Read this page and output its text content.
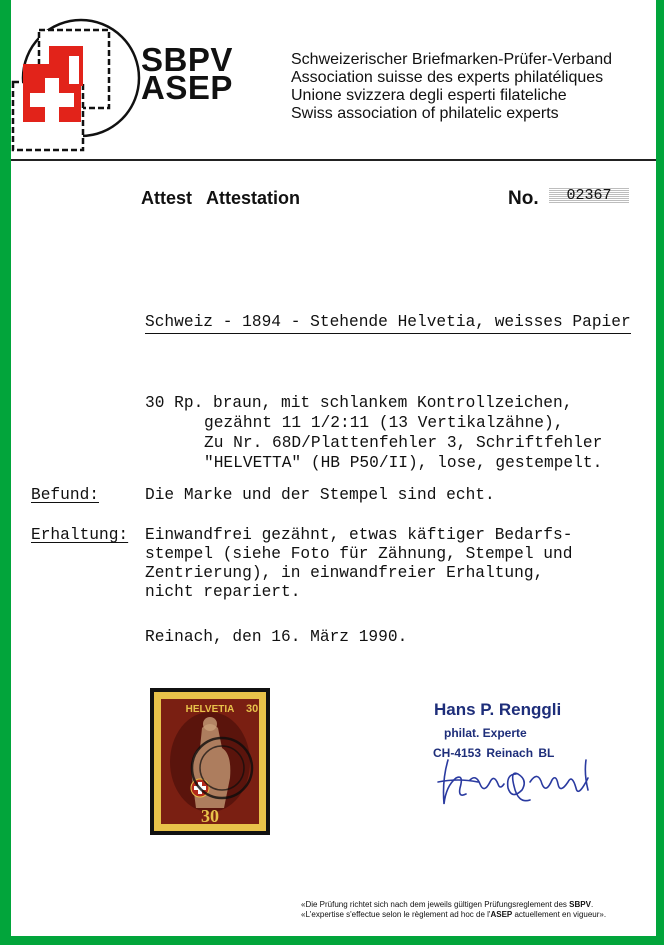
SBPV
ASEP
Schweizerischer Briefmarken-Prüfer-Verband
Association suisse des experts philatéliques
Unione svizzera degli esperti filateliche
Swiss association of philatelic experts
Attest Attestation	No.	02367
Schweiz - 1894 - Stehende Helvetia, weisses Papier
30 Rp. braun, mit schlankem Kontrollzeichen,
gezähnt 11 1/2:11 (13 Vertikalzähne),
Zu Nr. 68D/Plattenfehler 3, Schriftfehler
"HELVETTA" (HB P50/II), lose, gestempelt.
Befund:	Die Marke und der Stempel sind echt.
Erhaltung: Einwandfrei gezähnt, etwas käftiger Bedarfs-
stempel (siehe Foto für Zähnung, Stempel und
Zentrierung), in einwandfreier Erhaltung,
nicht repariert.
Reinach, den 16. März 1990.
HELVETIA 30
30
Hans P. Renggli
philat. Experte
CH-4153 Reinach BL
«Die Prüfung richtet sich nach dem jeweils gültigen Prüfungsreglement des SBPV.
«L'expertise s'effectue selon le règlement ad hoc de l'ASEP actuellement en vigueur».
